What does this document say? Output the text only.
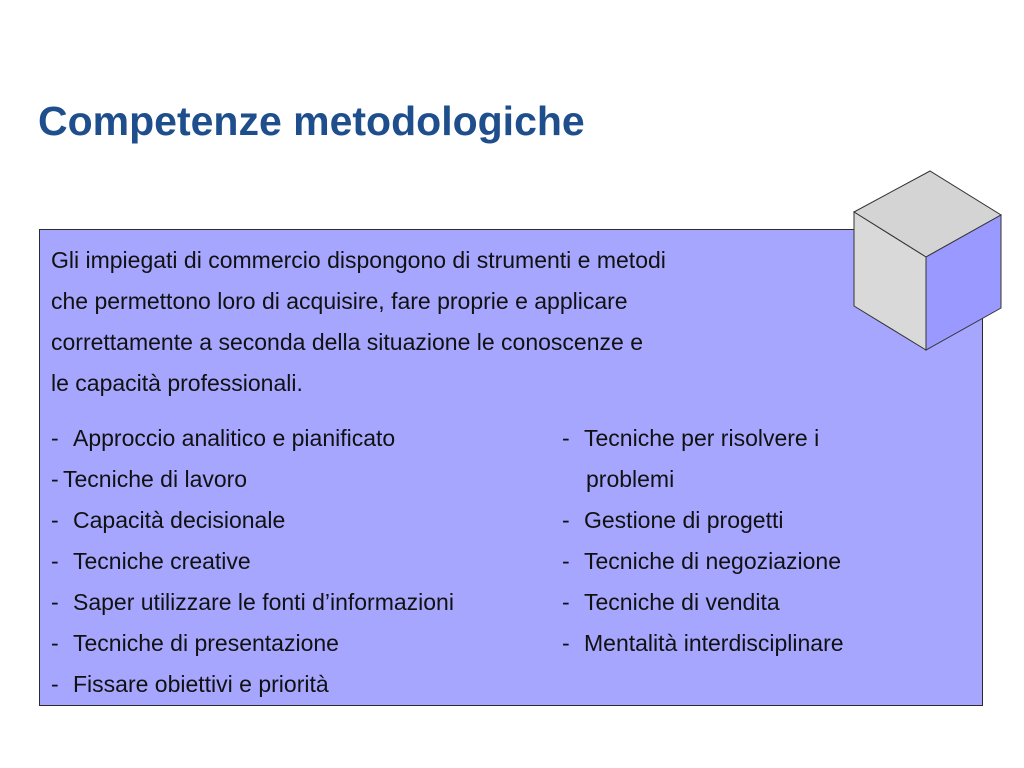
Competenze metodologiche

Gli impiegati di commercio dispongono di strumenti e metodi
che permettono loro di acquisire, fare proprie e applicare
correttamente a seconda della situazione le conoscenze e
le capacità professionali.

- Approccio analitico e pianificato
- Tecniche di lavoro
- Capacità decisionale
- Tecniche creative
- Saper utilizzare le fonti d’informazioni
- Tecniche di presentazione
- Fissare obiettivi e priorità
- Tecniche per risolvere i
problemi
- Gestione di progetti
- Tecniche di negoziazione
- Tecniche di vendita
- Mentalità interdisciplinare
